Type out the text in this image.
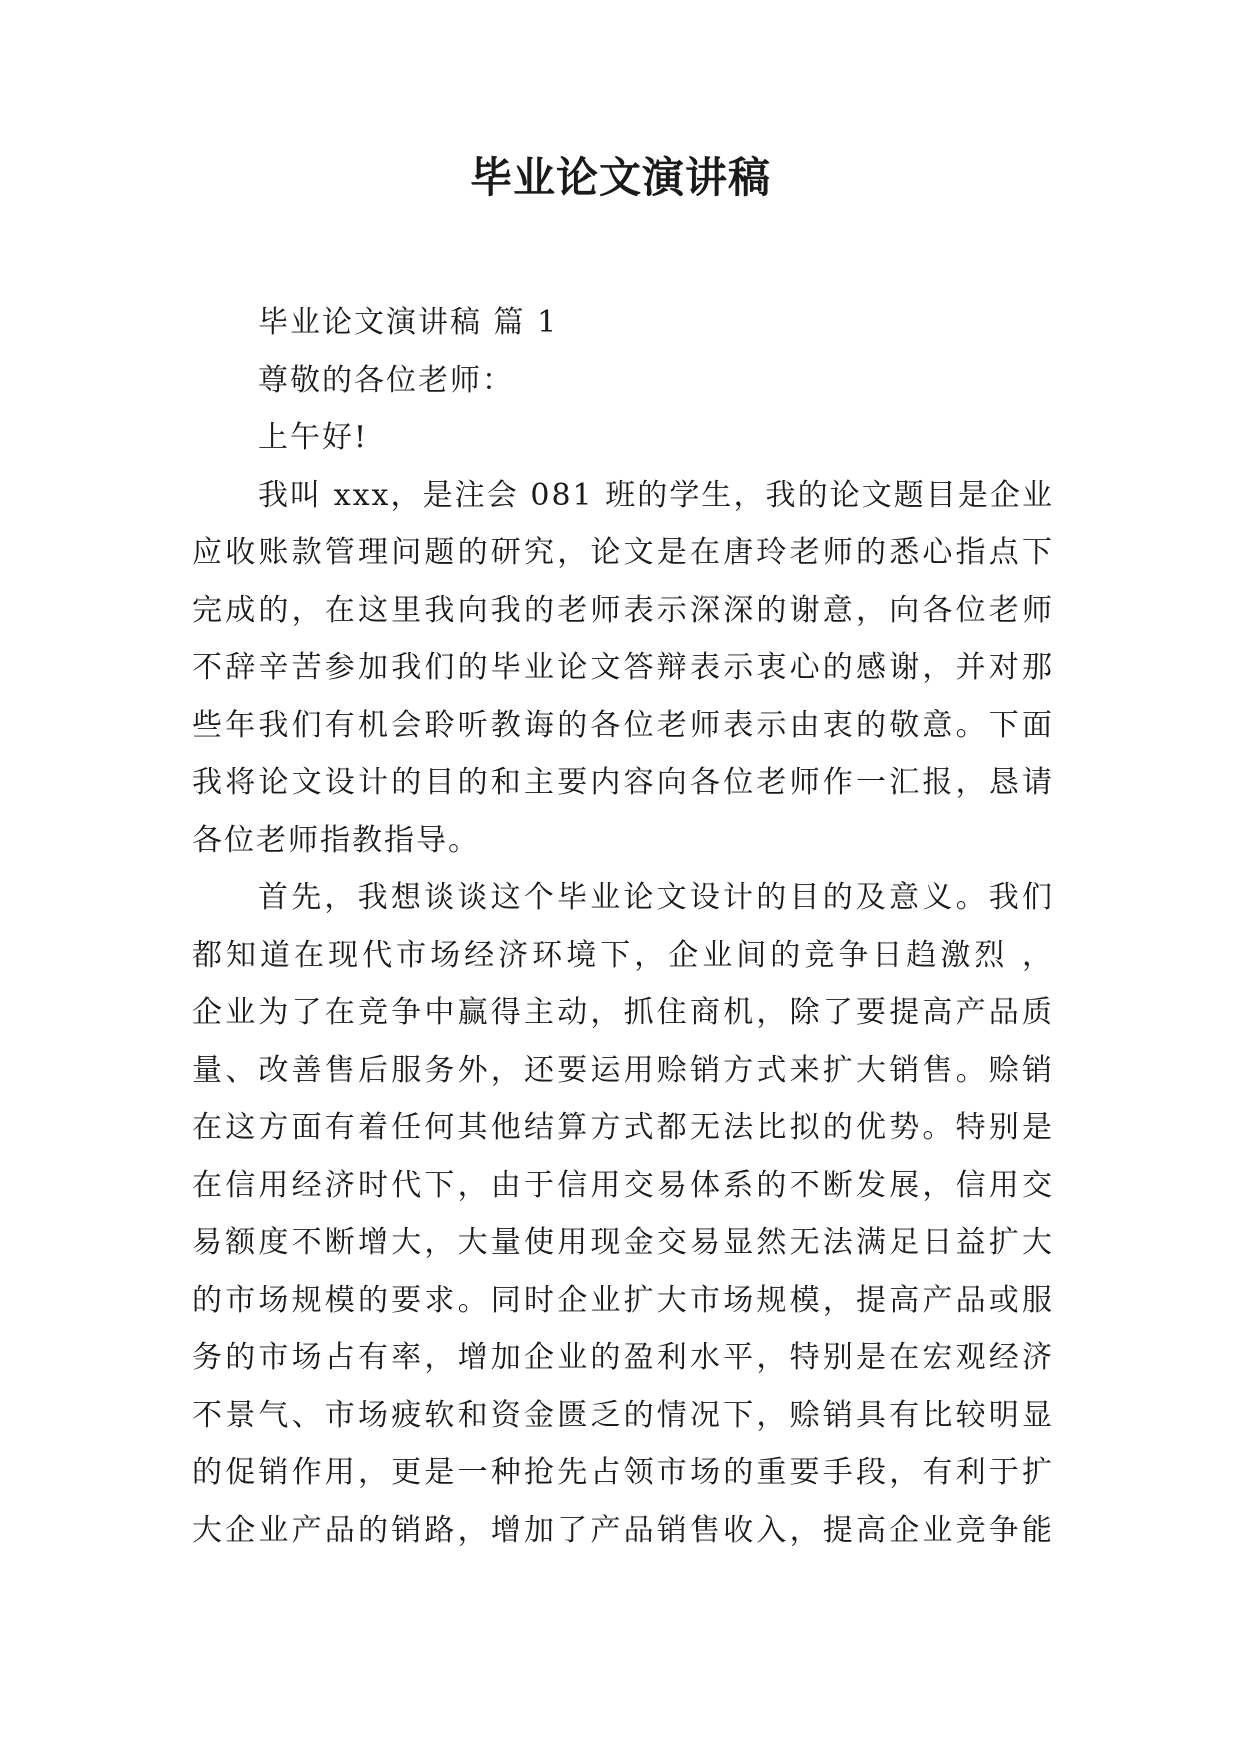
毕业论文演讲稿

毕业论文演讲稿 篇 1

尊敬的各位老师：

上午好!

我叫 xxx，是注会 081 班的学生，我的论文题目是企业

应收账款管理问题的研究，论文是在唐玲老师的悉心指点下

完成的，在这里我向我的老师表示深深的谢意，向各位老师

不辞辛苦参加我们的毕业论文答辩表示衷心的感谢，并对那

些年我们有机会聆听教诲的各位老师表示由衷的敬意。下面

我将论文设计的目的和主要内容向各位老师作一汇报，恳请

各位老师指教指导。

首先，我想谈谈这个毕业论文设计的目的及意义。我们

都知道在现代市场经济环境下，企业间的竞争日趋激烈 ，

企业为了在竞争中赢得主动，抓住商机，除了要提高产品质

量、改善售后服务外，还要运用赊销方式来扩大销售。赊销

在这方面有着任何其他结算方式都无法比拟的优势。特别是

在信用经济时代下，由于信用交易体系的不断发展，信用交

易额度不断增大，大量使用现金交易显然无法满足日益扩大

的市场规模的要求。同时企业扩大市场规模，提高产品或服

务的市场占有率，增加企业的盈利水平，特别是在宏观经济

不景气、市场疲软和资金匮乏的情况下，赊销具有比较明显

的促销作用，更是一种抢先占领市场的重要手段，有利于扩

大企业产品的销路，增加了产品销售收入，提高企业竞争能
